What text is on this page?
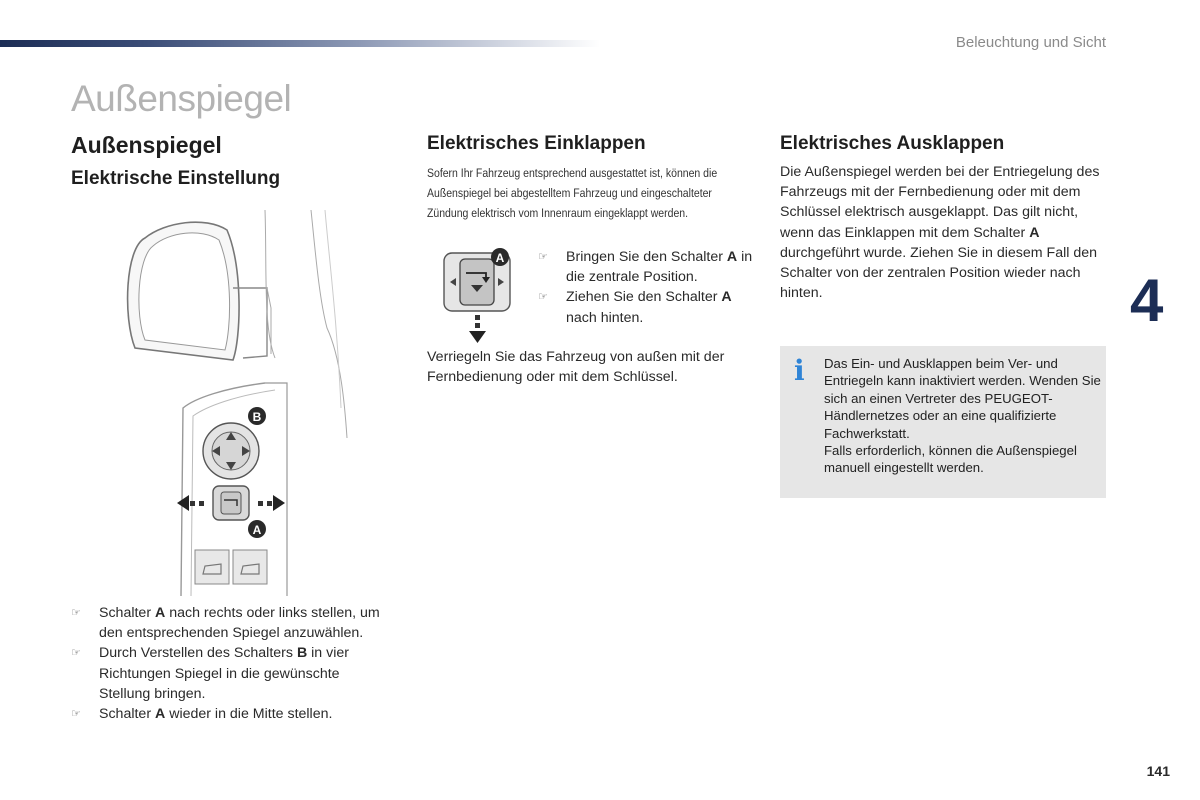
Beleuchtung und Sicht
Außenspiegel
Außenspiegel
Elektrische Einstellung
B
A
☞ Schalter A nach rechts oder links stellen, um den entsprechenden Spiegel anzuwählen.
☞ Durch Verstellen des Schalters B in vier Richtungen Spiegel in die gewünschte Stellung bringen.
☞ Schalter A wieder in die Mitte stellen.
Elektrisches Einklappen
Sofern Ihr Fahrzeug entsprechend ausgestattet ist, können die Außenspiegel bei abgestelltem Fahrzeug und eingeschalteter Zündung elektrisch vom Innenraum eingeklappt werden.
A	☞ Bringen Sie den Schalter A in die zentrale Position.
☞ Ziehen Sie den Schalter A nach hinten.
Verriegeln Sie das Fahrzeug von außen mit der Fernbedienung oder mit dem Schlüssel.
Elektrisches Ausklappen
Die Außenspiegel werden bei der Entriegelung des Fahrzeugs mit der Fernbedienung oder mit dem Schlüssel elektrisch ausgeklappt. Das gilt nicht, wenn das Einklappen mit dem Schalter A durchgeführt wurde. Ziehen Sie in diesem Fall den Schalter von der zentralen Position wieder nach hinten.
i Das Ein- und Ausklappen beim Ver- und Entriegeln kann inaktiviert werden. Wenden Sie sich an einen Vertreter des PEUGEOT-Händlernetzes oder an eine qualifizierte Fachwerkstatt.
Falls erforderlich, können die Außenspiegel manuell eingestellt werden.
4
141
